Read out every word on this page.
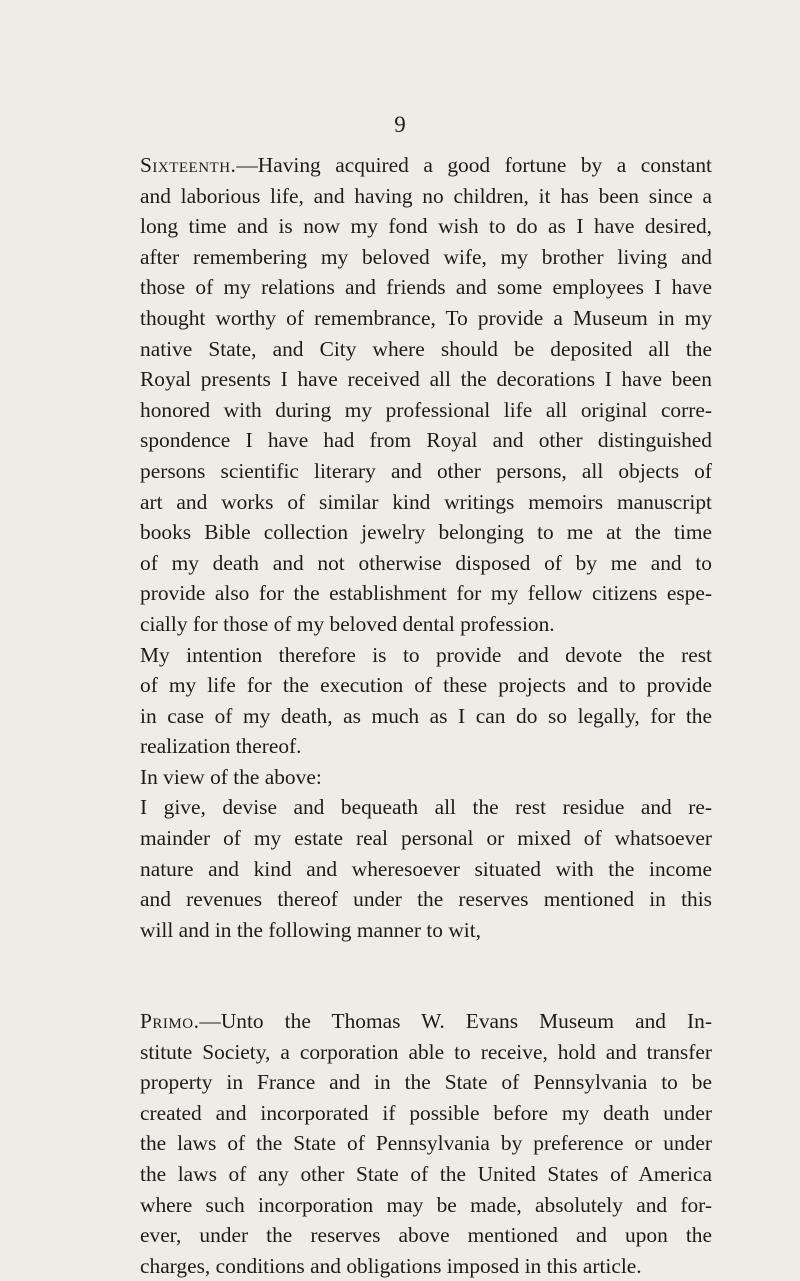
9
Sixteenth.—Having acquired a good fortune by a constant
and laborious life, and having no children, it has been since a
long time and is now my fond wish to do as I have desired,
after remembering my beloved wife, my brother living and
those of my relations and friends and some employees I have
thought worthy of remembrance, To provide a Museum in my
native State, and City where should be deposited all the
Royal presents I have received all the decorations I have been
honored with during my professional life all original corre-
spondence I have had from Royal and other distinguished
persons scientific literary and other persons, all objects of
art and works of similar kind writings memoirs manuscript
books Bible collection jewelry belonging to me at the time
of my death and not otherwise disposed of by me and to
provide also for the establishment for my fellow citizens espe-
cially for those of my beloved dental profession.
My intention therefore is to provide and devote the rest
of my life for the execution of these projects and to provide
in case of my death, as much as I can do so legally, for the
realization thereof.
In view of the above:
I give, devise and bequeath all the rest residue and re-
mainder of my estate real personal or mixed of whatsoever
nature and kind and wheresoever situated with the income
and revenues thereof under the reserves mentioned in this
will and in the following manner to wit,
Primo.—Unto the Thomas W. Evans Museum and In-
stitute Society, a corporation able to receive, hold and transfer
property in France and in the State of Pennsylvania to be
created and incorporated if possible before my death under
the laws of the State of Pennsylvania by preference or under
the laws of any other State of the United States of America
where such incorporation may be made, absolutely and for-
ever, under the reserves above mentioned and upon the
charges, conditions and obligations imposed in this article.
